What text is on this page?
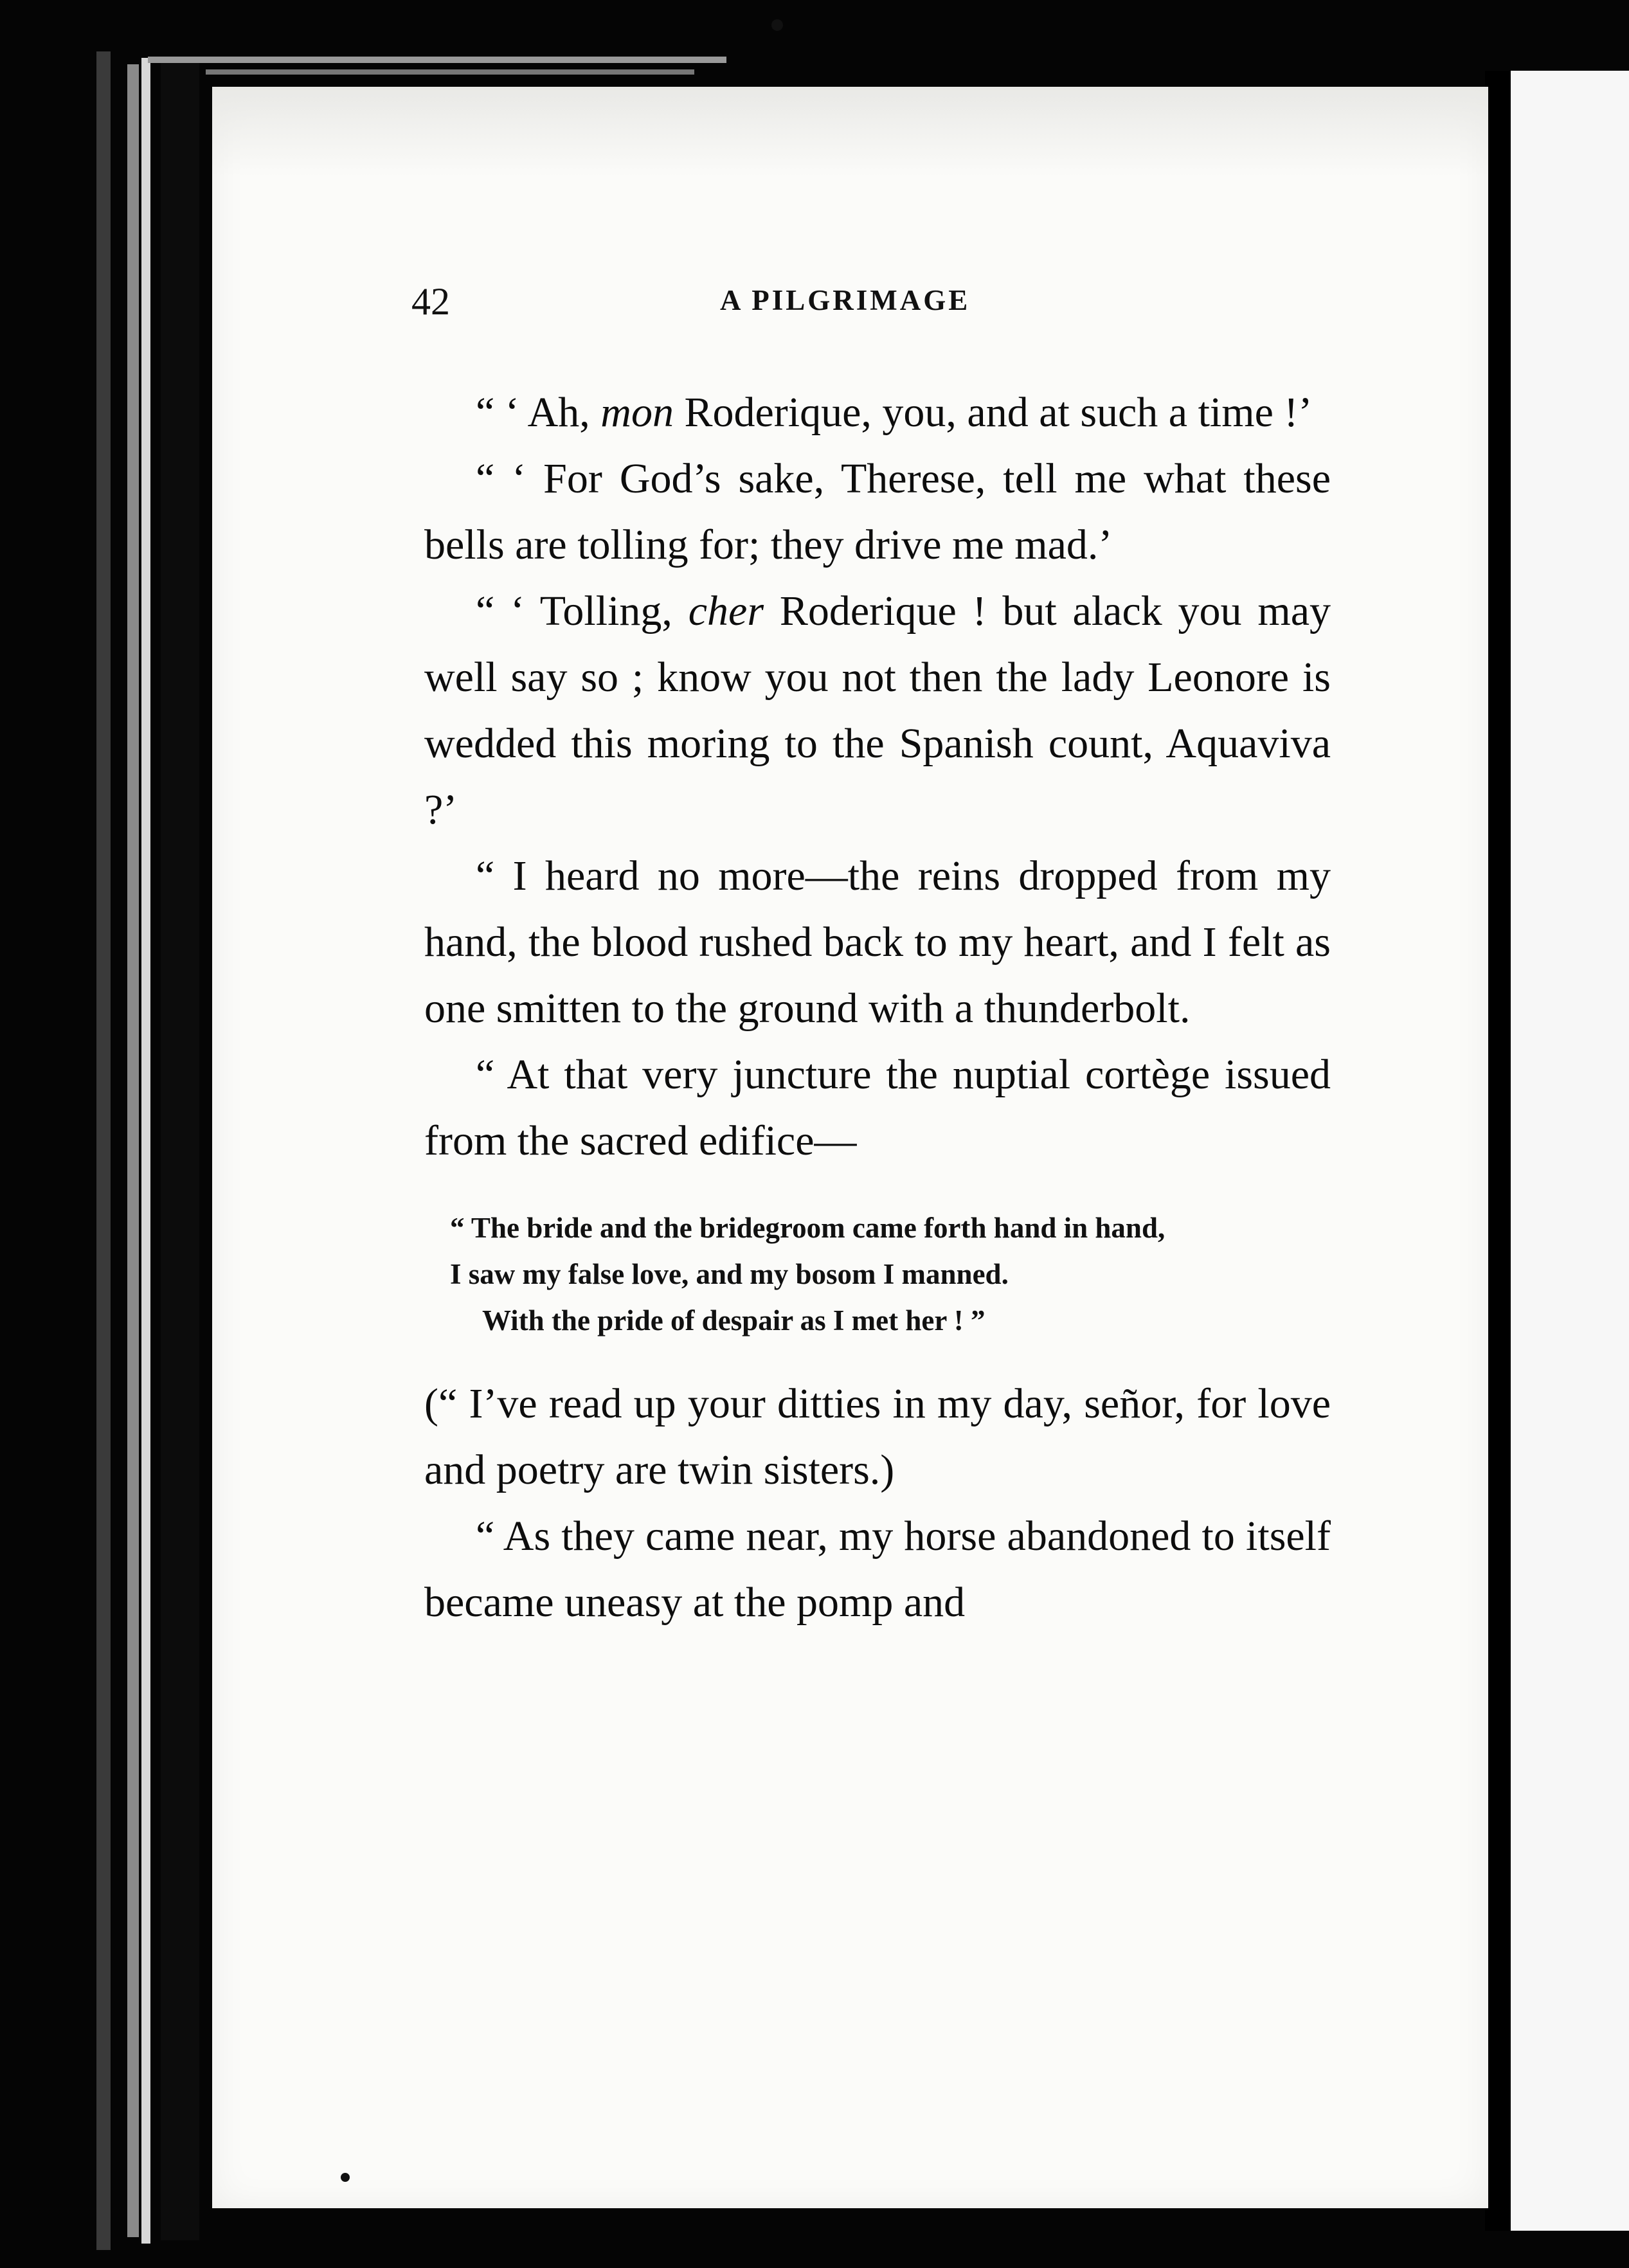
42	A PILGRIMAGE

“ ‘ Ah, mon Roderique, you, and at such a time !’

“ ‘ For God’s sake, Therese, tell me what these bells are tolling for; they drive me mad.’

“ ‘ Tolling, cher Roderique ! but alack you may well say so ; know you not then the lady Leonore is wedded this moring to the Spanish count, Aquaviva ?’

“ I heard no more—the reins dropped from my hand, the blood rushed back to my heart, and I felt as one smitten to the ground with a thunderbolt.

“ At that very juncture the nuptial cortège issued from the sacred edifice—

“ The bride and the bridegroom came forth hand in hand,
I saw my false love, and my bosom I manned.
With the pride of despair as I met her ! ”

(“ I’ve read up your ditties in my day, señor, for love and poetry are twin sisters.)

“ As they came near, my horse abandoned to itself became uneasy at the pomp and
